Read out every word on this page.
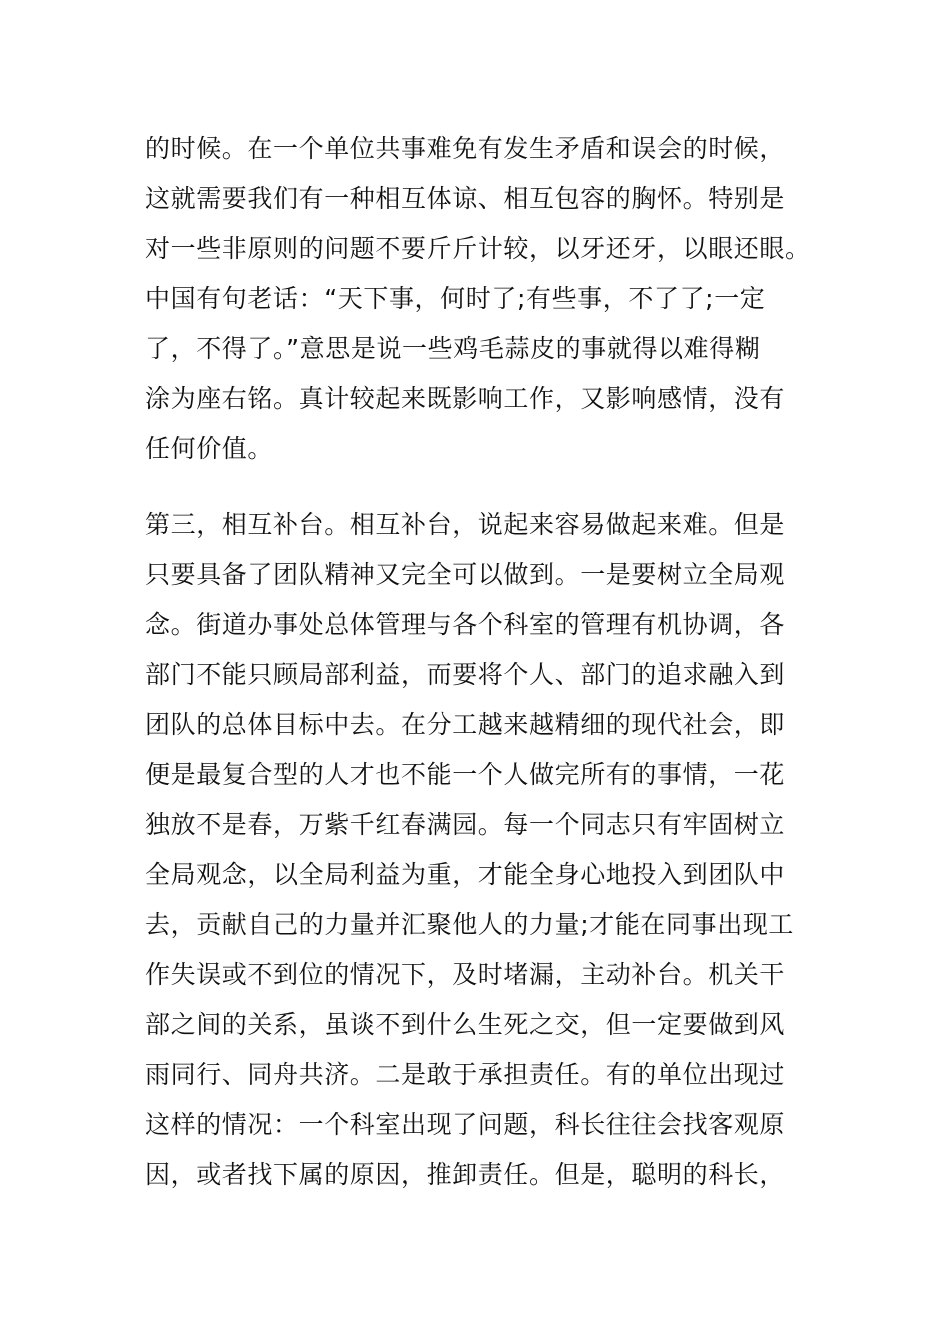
的时候。在一个单位共事难免有发生矛盾和误会的时候，
这就需要我们有一种相互体谅、相互包容的胸怀。特别是
对一些非原则的问题不要斤斤计较，以牙还牙，以眼还眼。
中国有句老话：“天下事，何时了;有些事，不了了;一定
了，不得了。”意思是说一些鸡毛蒜皮的事就得以难得糊
涂为座右铭。真计较起来既影响工作，又影响感情，没有
任何价值。
第三，相互补台。相互补台，说起来容易做起来难。但是
只要具备了团队精神又完全可以做到。一是要树立全局观
念。街道办事处总体管理与各个科室的管理有机协调，各
部门不能只顾局部利益，而要将个人、部门的追求融入到
团队的总体目标中去。在分工越来越精细的现代社会，即
便是最复合型的人才也不能一个人做完所有的事情，一花
独放不是春，万紫千红春满园。每一个同志只有牢固树立
全局观念，以全局利益为重，才能全身心地投入到团队中
去，贡献自己的力量并汇聚他人的力量;才能在同事出现工
作失误或不到位的情况下，及时堵漏，主动补台。机关干
部之间的关系，虽谈不到什么生死之交，但一定要做到风
雨同行、同舟共济。二是敢于承担责任。有的单位出现过
这样的情况：一个科室出现了问题，科长往往会找客观原
因，或者找下属的原因，推卸责任。但是，聪明的科长，
